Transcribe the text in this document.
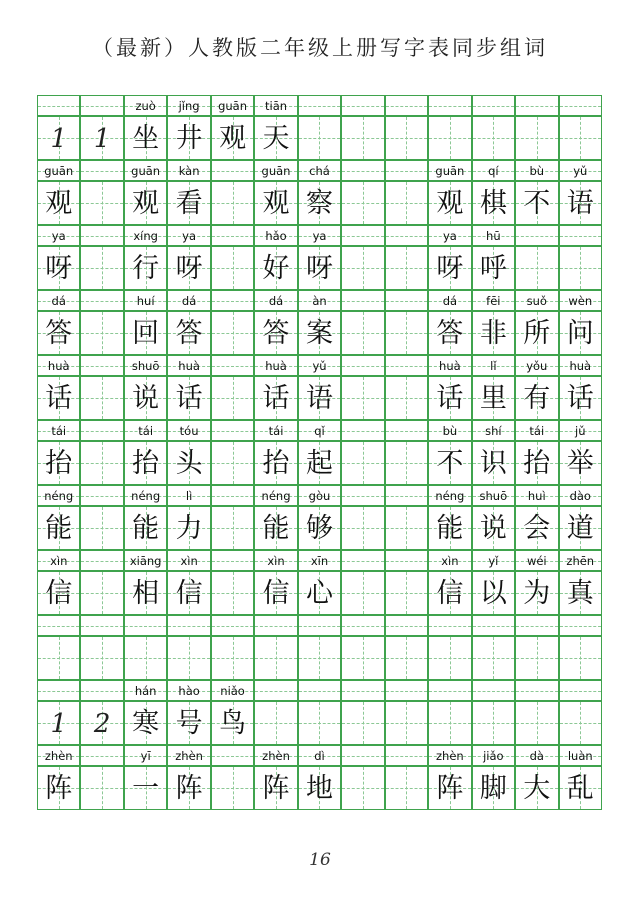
（最新）人教版二年级上册写字表同步组词
zuò	jǐng	guān	tiān
1	1 坐 井 观 天
guān	guān	kàn	guān	chá	guān	qí	bù	yǔ
观 观 看 观 察	观 棋 不 语
ya	xíng	ya	hǎo	ya	ya	hū
呀 行 呀 好 呀	呀 呼
dá	huí	dá	dá	àn	dá	fēi	suǒ	wèn
答 回 答 答 案	答 非 所 问
huà	shuō	huà	huà	yǔ	huà	lǐ	yǒu	huà
话 说 话 话 语	话 里 有 话
tái	tái	tóu	tái	qǐ	bù	shí	tái	jǔ
抬 抬 头 抬 起	不 识 抬 举
néng	néng	lì	néng	gòu	néng	shuō	huì	dào
能 能 力 能 够	能 说 会 道
xìn	xiāng	xìn	xìn	xīn	xìn	yǐ	wéi	zhēn
信 相 信 信 心	信 以 为 真
hán	hào	niǎo
1	2 寒 号 鸟
zhèn	yī	zhèn	zhèn	dì	zhèn	jiǎo	dà	luàn
阵 一 阵 阵 地	阵 脚 大 乱
16
